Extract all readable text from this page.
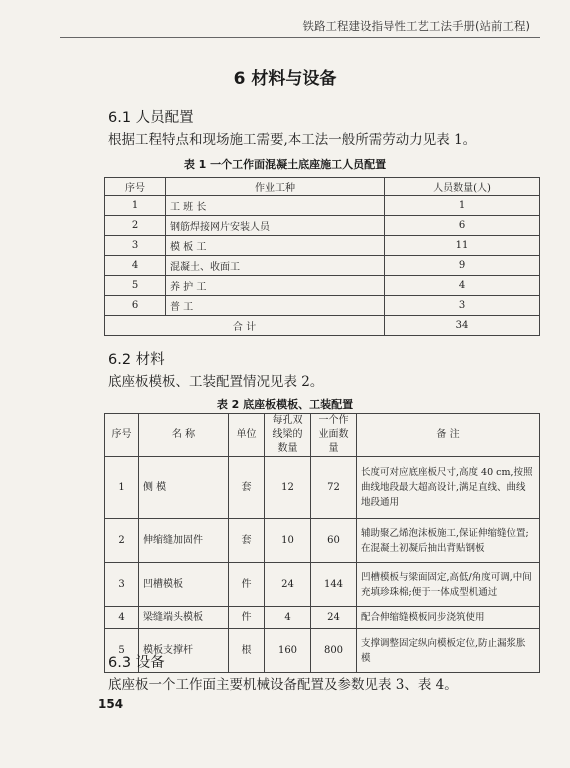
铁路工程建设指导性工艺工法手册(站前工程)
6 材料与设备
6.1 人员配置
根据工程特点和现场施工需要,本工法一般所需劳动力见表 1。
表 1 一个工作面混凝土底座施工人员配置
序号	作业工种	人员数量(人)
1	工 班 长	1
2	钢筋焊接网片安装人员	6
3	模 板 工	11
4	混凝土、收面工	9
5	养 护 工	4
6	普 工	3
合 计		34
6.2 材料
底座板模板、工装配置情况见表 2。
表 2 底座板模板、工装配置
序号	名 称	单位	每孔双线梁的数量	一个作业面数量	备 注
1	侧 模	套	12	72	长度可对应底座板尺寸,高度 40 cm,按照曲线地段最大超高设计,满足直线、曲线地段通用
2	伸缩缝加固件	套	10	60	辅助聚乙烯泡沫板施工,保证伸缩缝位置;在混凝土初凝后抽出背贴钢板
3	凹槽模板	件	24	144	凹槽模板与梁面固定,高低/角度可调,中间充填珍珠棉;便于一体成型机通过
4	梁缝端头模板	件	4	24	配合伸缩缝模板同步浇筑使用
5	模板支撑杆	根	160	800	支撑调整固定纵向模板定位,防止漏浆胀模
6.3 设备
底座板一个工作面主要机械设备配置及参数见表 3、表 4。
154
